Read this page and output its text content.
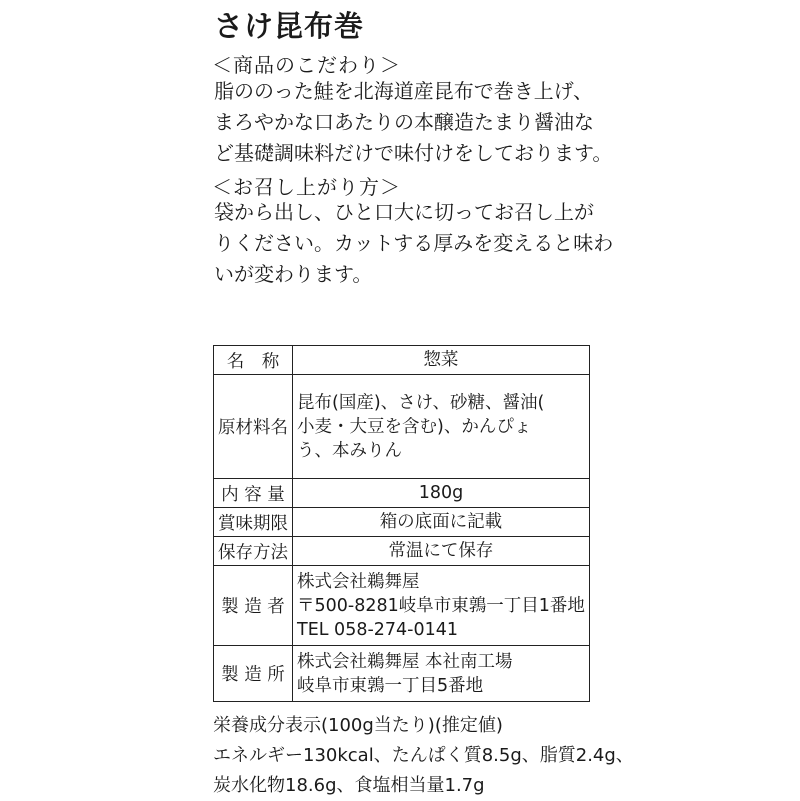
さけ昆布巻
＜商品のこだわり＞
脂ののった鮭を北海道産昆布で巻き上げ、
まろやかな口あたりの本醸造たまり醤油な
ど基礎調味料だけで味付けをしております。
＜お召し上がり方＞
袋から出し、ひと口大に切ってお召し上が
りください。カットする厚みを変えると味わ
いが変わります。
名　称	惣菜

原材料名	昆布(国産)、さけ、砂糖、醤油(
小麦・大豆を含む)、かんぴょ
う、本みりん

内 容 量	180g

賞味期限	箱の底面に記載

保存方法	常温にて保存

製 造 者	株式会社鵜舞屋
〒500-8281岐阜市東鶉一丁目1番地
TEL 058-274-0141

製 造 所	株式会社鵜舞屋 本社南工場
岐阜市東鶉一丁目5番地
栄養成分表示(100g当たり)(推定値)
エネルギー130kcal、たんぱく質8.5g、脂質2.4g、
炭水化物18.6g、食塩相当量1.7g
